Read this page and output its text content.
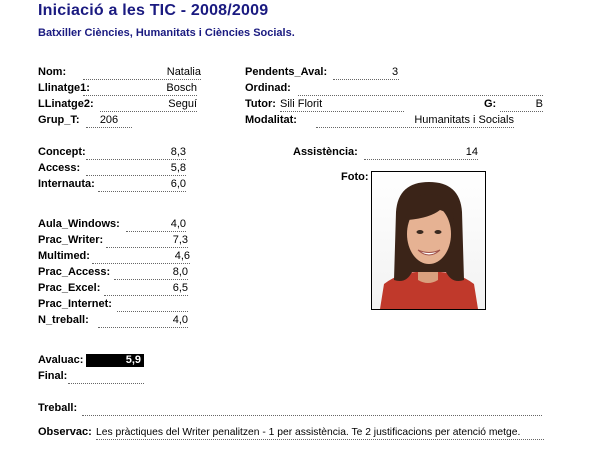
Iniciació a les TIC - 2008/2009
Batxiller Ciències, Humanitats i Ciències Socials.
Nom:	Natalia
Llinatge1:	Bosch
LLinatge2:	Seguí
Grup_T:	206
Pendents_Aval:	3
Ordinad:
Tutor: Sili Florit	G:	B
Modalitat:	Humanitats i Socials
Concept:	8,3
Access:	5,8
Internauta:	6,0
Assistència:	14
Foto:
Aula_Windows:	4,0
Prac_Writer:	7,3
Multimed:	4,6
Prac_Access:	8,0
Prac_Excel:	6,5
Prac_Internet:
N_treball:	4,0
Avaluac:	5,9
Final:
Treball:
Observac: Les pràctiques del Writer penalitzen - 1 per assistència. Te 2 justificacions per atenció metge.
